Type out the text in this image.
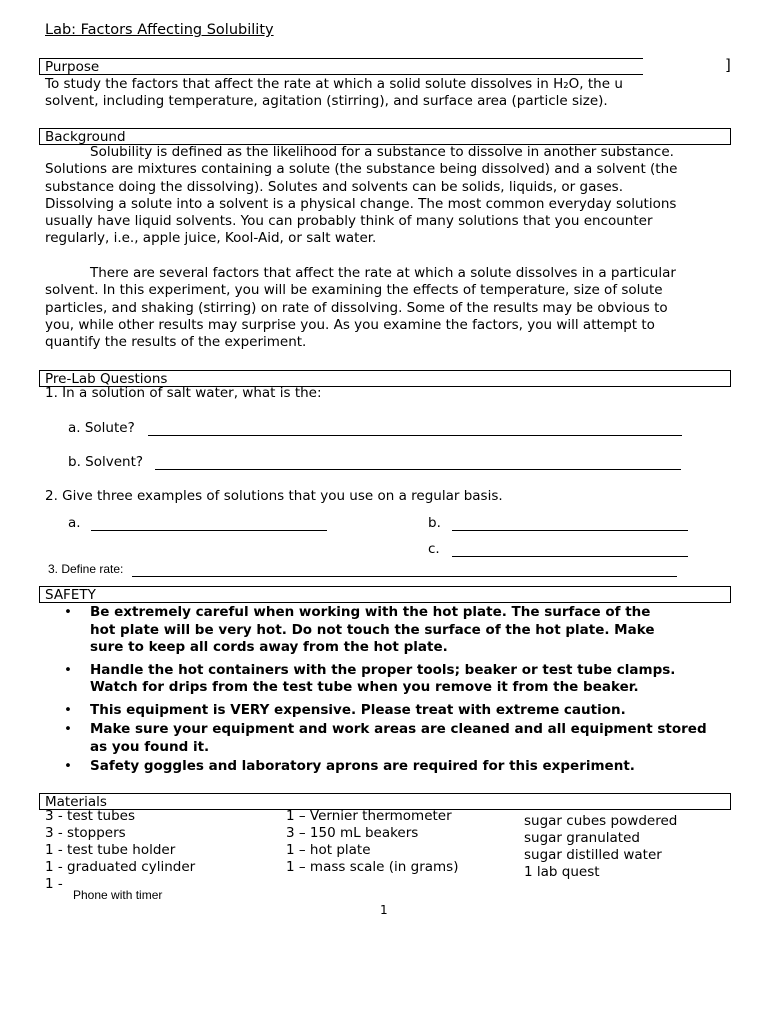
Lab: Factors Affecting Solubility
Purpose	]
To study the factors that affect the rate at which a solid solute dissolves in H₂O, the u
solvent, including temperature, agitation (stirring), and surface area (particle size).
Background
Solubility is defined as the likelihood for a substance to dissolve in another substance.
Solutions are mixtures containing a solute (the substance being dissolved) and a solvent (the
substance doing the dissolving). Solutes and solvents can be solids, liquids, or gases.
Dissolving a solute into a solvent is a physical change. The most common everyday solutions
usually have liquid solvents. You can probably think of many solutions that you encounter
regularly, i.e., apple juice, Kool-Aid, or salt water.
There are several factors that affect the rate at which a solute dissolves in a particular
solvent. In this experiment, you will be examining the effects of temperature, size of solute
particles, and shaking (stirring) on rate of dissolving. Some of the results may be obvious to
you, while other results may surprise you. As you examine the factors, you will attempt to
quantify the results of the experiment.
Pre-Lab Questions
1. In a solution of salt water, what is the:
a. Solute?
b. Solvent?
2. Give three examples of solutions that you use on a regular basis.
a.	b.
c.
3. Define rate:
SAFETY
• Be extremely careful when working with the hot plate. The surface of the
hot plate will be very hot. Do not touch the surface of the hot plate. Make
sure to keep all cords away from the hot plate.
• Handle the hot containers with the proper tools; beaker or test tube clamps.
Watch for drips from the test tube when you remove it from the beaker.
• This equipment is VERY expensive. Please treat with extreme caution.
• Make sure your equipment and work areas are cleaned and all equipment stored
as you found it.
• Safety goggles and laboratory aprons are required for this experiment.
Materials
3 - test tubes
3 - stoppers
1 - test tube holder
1 - graduated cylinder
1 -
Phone with timer
1 – Vernier thermometer
3 – 150 mL beakers
1 – hot plate
1 – mass scale (in grams)
sugar cubes powdered
sugar granulated
sugar distilled water
1 lab quest
1
